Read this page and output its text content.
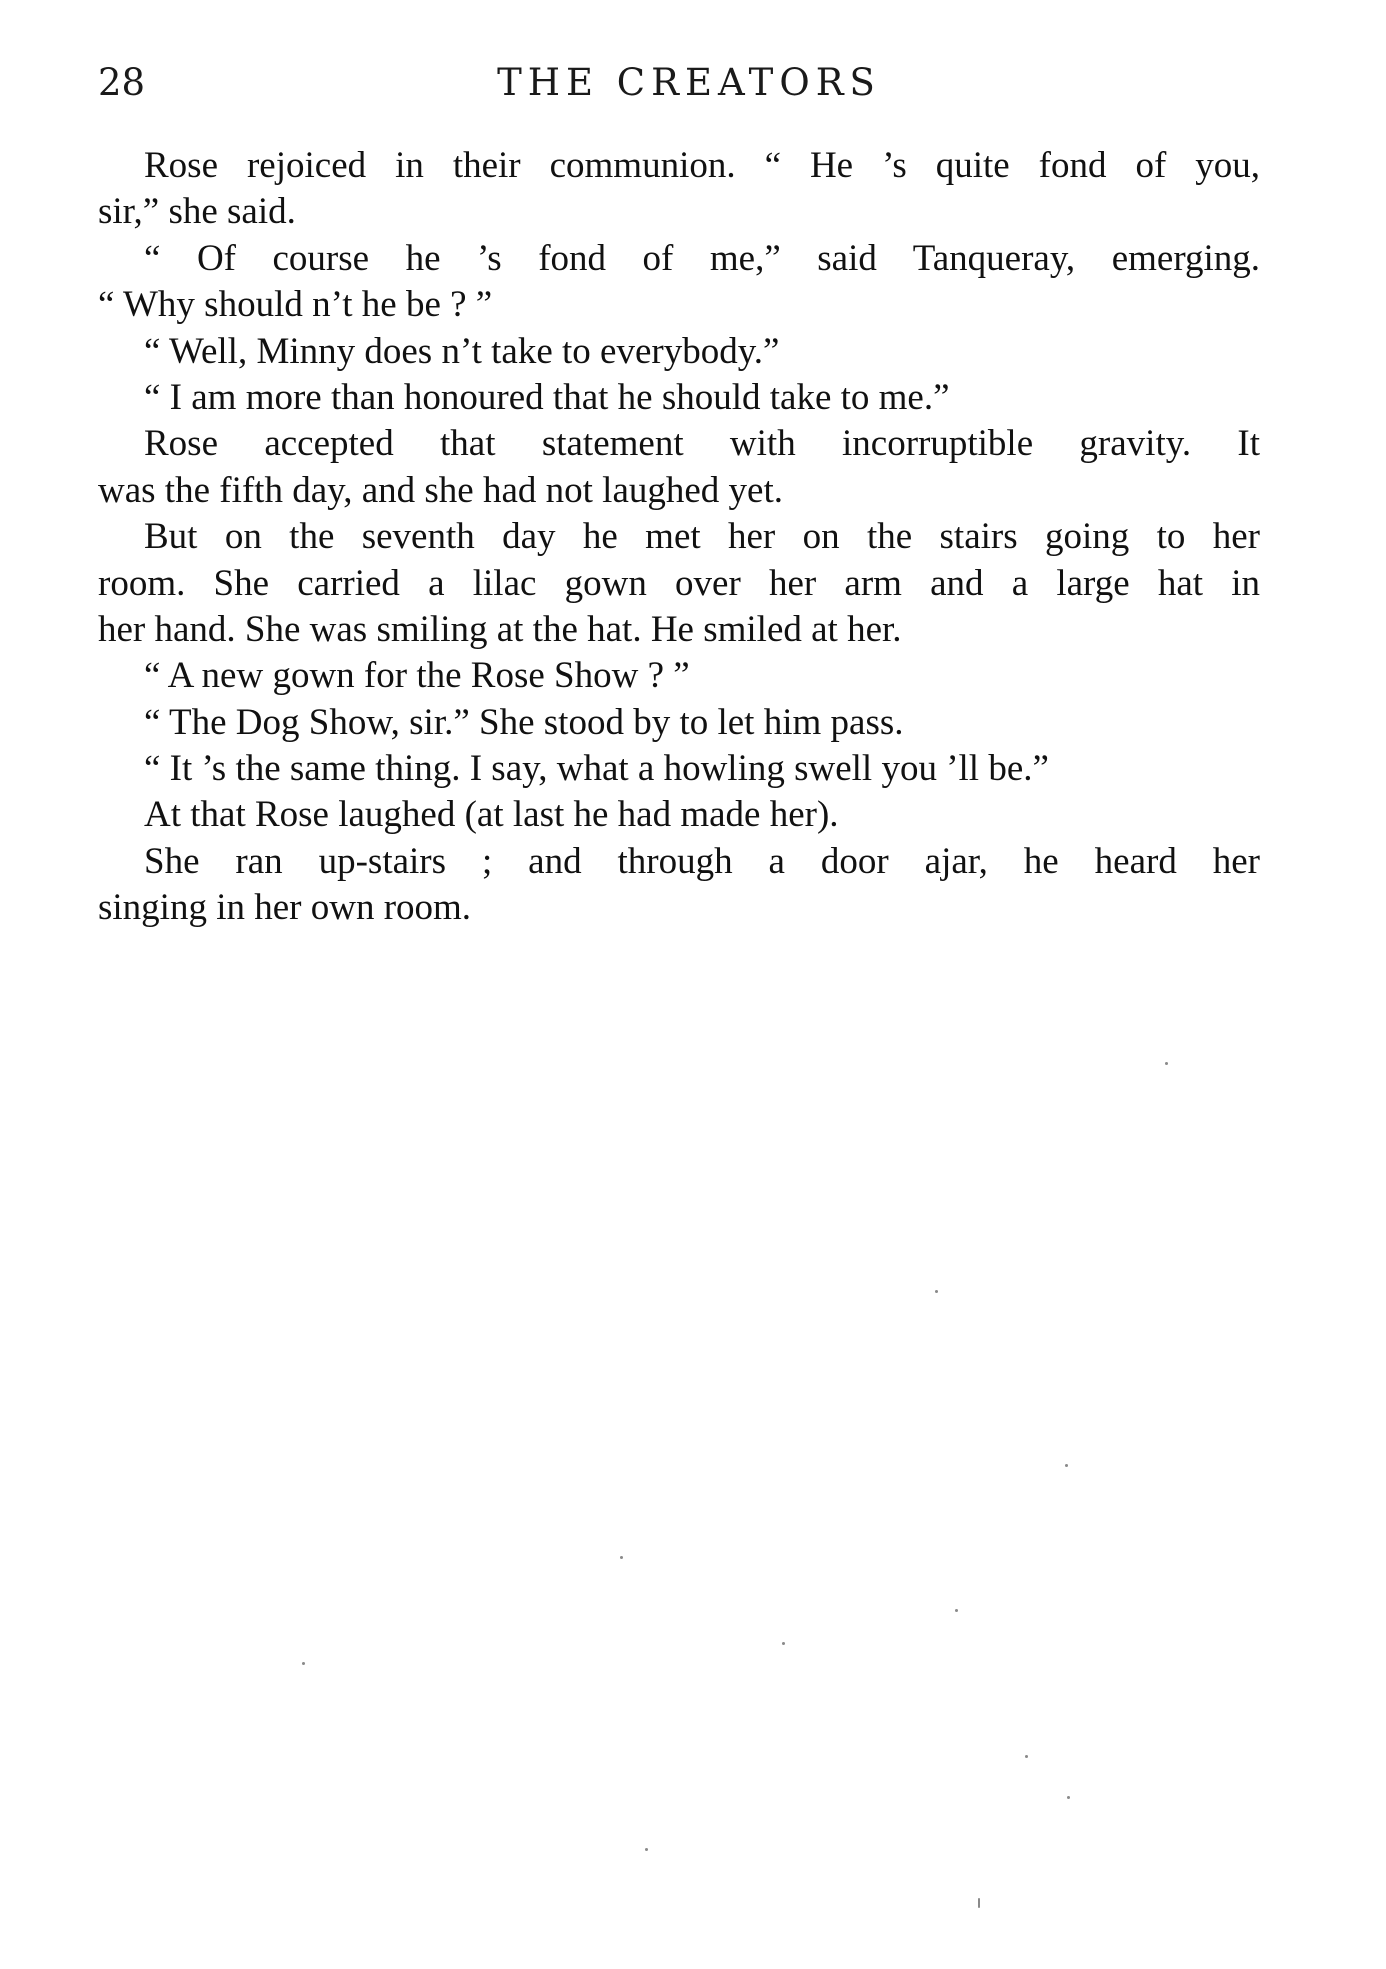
28	THE CREATORS
Rose rejoiced in their communion. “ He ’s quite fond of you,
sir,” she said.
“ Of course he ’s fond of me,” said Tanqueray, emerging.
“ Why should n’t he be ? ”
“ Well, Minny does n’t take to everybody.”
“ I am more than honoured that he should take to me.”
Rose accepted that statement with incorruptible gravity. It
was the fifth day, and she had not laughed yet.
But on the seventh day he met her on the stairs going to her
room. She carried a lilac gown over her arm and a large hat in
her hand. She was smiling at the hat. He smiled at her.
“ A new gown for the Rose Show ? ”
“ The Dog Show, sir.” She stood by to let him pass.
“ It ’s the same thing. I say, what a howling swell you ’ll be.”
At that Rose laughed (at last he had made her).
She ran up-stairs ; and through a door ajar, he heard her
singing in her own room.
